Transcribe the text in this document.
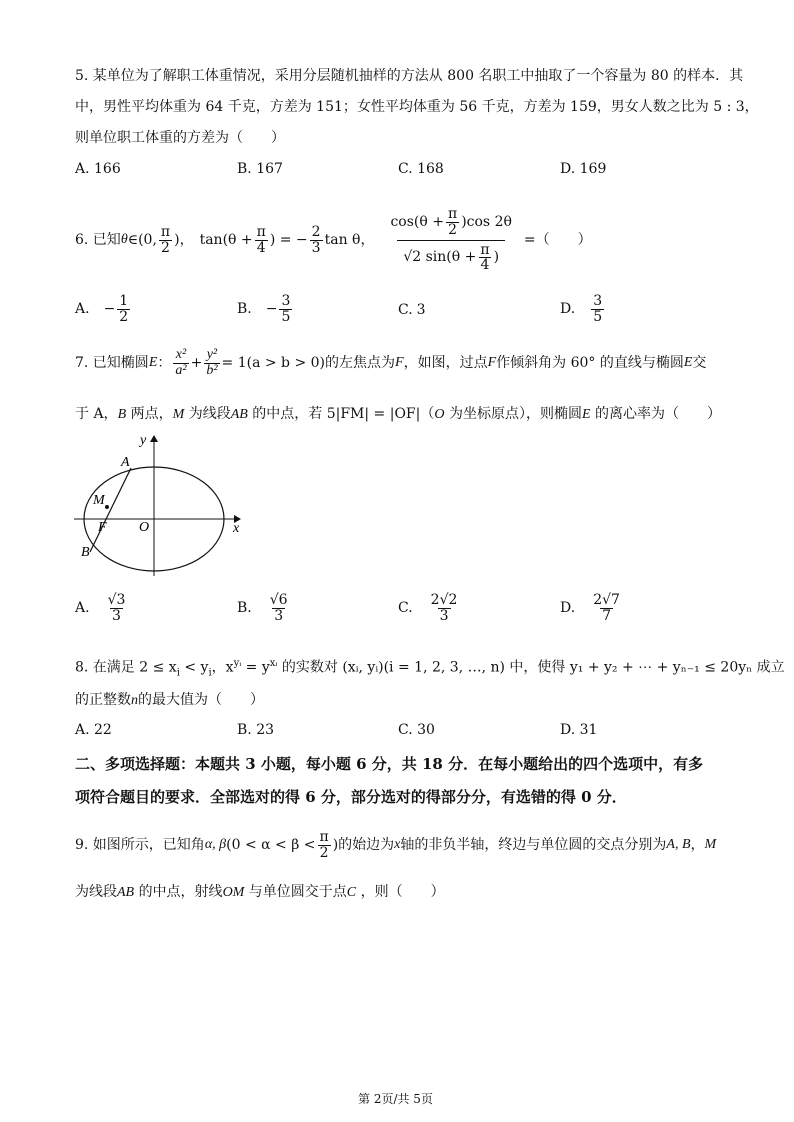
5. 某单位为了解职工体重情况，采用分层随机抽样的方法从 800 名职工中抽取了一个容量为 80 的样本．其
中，男性平均体重为 64 千克，方差为 151；女性平均体重为 56 千克，方差为 159，男女人数之比为 5 : 3，
则单位职工体重的方差为（　　）
A. 166	B. 167	C. 168	D. 169
6. 已知 θ ∈ (0, $\frac{\pi}{2}$ ) ， $\tan(\theta + \frac{\pi}{4}$ ) = − $\frac{2}{3}$ tan θ， $\frac{\cos(\theta + \frac{\pi}{2} )\cos 2\theta}{√2 \sin(\theta + \frac{\pi}{4} )}$ =（　　）
A. − $\frac{1}{2}$	B. − $\frac{3}{5}$	C. 3	D. $\frac{3}{5}$
7. 已知椭圆 E ： $\frac{\text{x²}}{\text{a²}} + \frac{\text{y²}}{\text{b²}} = 1(a > b > 0)$ 的左焦点为 F ，如图，过点 F 作倾斜角为 60° 的直线与椭圆 E 交
于 A，B 两点，M 为线段AB 的中点，若 5|FM| = |OF|（O 为坐标原点），则椭圆E 的离心率为（　　）
y
x
A
M
F O
B
A. $\frac{√3}{3}$	B. $\frac{√6}{3}$	C. $\frac{2√2}{3}$	D. $\frac{2√7}{7}$
8. 在满足 $2 \le x_i < y_i$，$x^{yᵢ} = y^{xᵢ}$ 的实数对 (xᵢ, yᵢ)(i = 1, 2, 3, …, n) 中，使得 y₁ + y₂ + ⋯ + yₙ₋₁ ≤ 20yₙ 成立
的正整数n的最大值为（　　）
A. 22	B. 23	C. 30	D. 31
二、多项选择题：本题共 3 小题，每小题 6 分，共 18 分．在每小题给出的四个选项中，有多
项符合题目的要求．全部选对的得 6 分，部分选对的得部分分，有选错的得 0 分．
9. 如图所示，已知角 α, β ($0 < \alpha < \beta < \frac{\pi}{2}$ ) 的始边为 x 轴的非负半轴，终边与单位圆的交点分别为 A, B ， M
为线段AB 的中点，射线OM 与单位圆交于点C ，则（　　）
第 2页/共 5页
